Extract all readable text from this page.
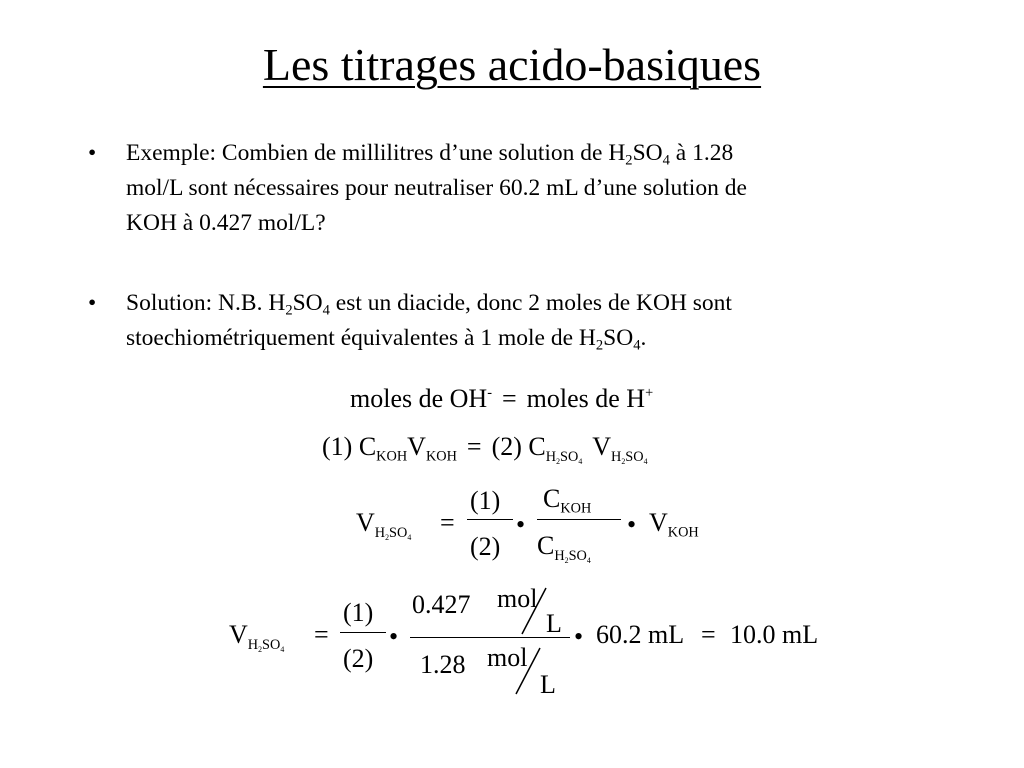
Les titrages acido-basiques
• Exemple: Combien de millilitres d’une solution de $H_2SO_4$ à 1.28
mol/L sont nécessaires pour neutraliser 60.2 mL d’une solution de
KOH à 0.427 mol/L?
• Solution: N.B. $H_2SO_4$ est un diacide, donc 2 moles de KOH sont
stoechiométriquement équivalentes à 1 mole de $H_2SO_4$.
moles de OH- = moles de H+
(1) $C_{KOH}V_{KOH} = (2)$ $C_{H_2SO_4}V_{H_2SO_4}$
$V_{H_2SO_4}$
=
(1)
(2)
•
$C_{KOH}$
$C_{H_2SO_4}$
• $V_{KOH}$
$V_{H_2SO_4}$
=
(1)
(2)
•
0.427 mol
L
1.28 mol
L
• 60.2 mL = 10.0 mL
